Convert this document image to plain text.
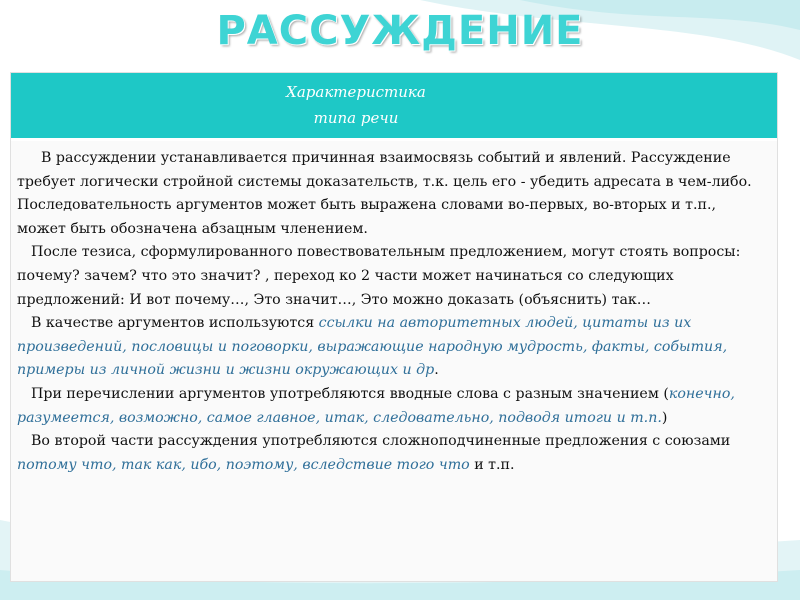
РАССУЖДЕНИЕ
Характеристика
типа речи

В рассуждении устанавливается причинная взаимосвязь событий и явлений. Рассуждение требует логически стройной системы доказательств, т.к. цель его - убедить адресата в чем-либо. Последовательность аргументов может быть выражена словами во-первых, во-вторых и т.п., может быть обозначена абзацным членением.

После тезиса, сформулированного повествовательным предложением, могут стоять вопросы: почему? зачем? что это значит? , переход ко 2 части может начинаться со следующих предложений: И вот почему…, Это значит…, Это можно доказать (объяснить) так…

В качестве аргументов используются ссылки на авторитетных людей, цитаты из их произведений, пословицы и поговорки, выражающие народную мудрость, факты, события, примеры из личной жизни и жизни окружающих и др.

При перечислении аргументов употребляются вводные слова с разным значением (конечно, разумеется, возможно, самое главное, итак, следовательно, подводя итоги и т.п.)

Во второй части рассуждения употребляются сложноподчиненные предложения с союзами потому что, так как, ибо, поэтому, вследствие того что и т.п.
